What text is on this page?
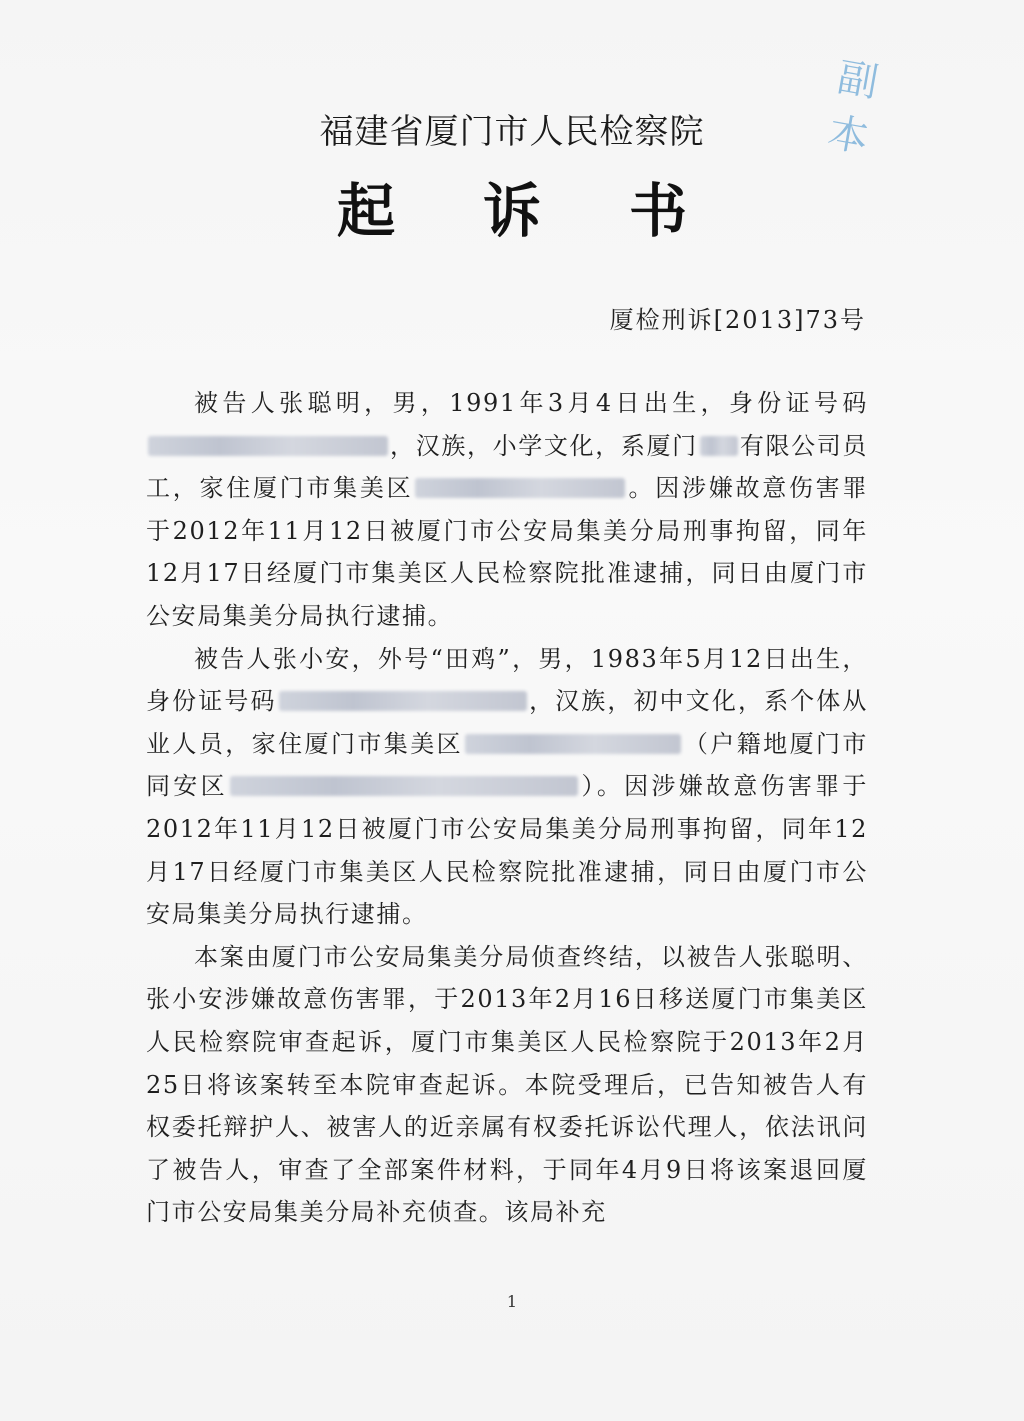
副
本
福建省厦门市人民检察院
起诉书
厦检刑诉[2013]73号

被告人张聪明，男，1991年3月4日出生，身份证号码，汉族，小学文化，系厦门 有限公司员工，家住厦门市集美区	。因涉嫌故意伤害罪于2012年11月12日被厦门市公安局集美分局刑事拘留，同年12月17日经厦门市集美区人民检察院批准逮捕，同日由厦门市公安局集美分局执行逮捕。

被告人张小安，外号“田鸡”，男，1983年5月12日出生，身份证号码	，汉族，初中文化，系个体从业人员，家住厦门市集美区	（户籍地厦门市同安区	）。因涉嫌故意伤害罪于2012年11月12日被厦门市公安局集美分局刑事拘留，同年12月17日经厦门市集美区人民检察院批准逮捕，同日由厦门市公安局集美分局执行逮捕。

本案由厦门市公安局集美分局侦查终结，以被告人张聪明、张小安涉嫌故意伤害罪，于2013年2月16日移送厦门市集美区人民检察院审查起诉，厦门市集美区人民检察院于2013年2月25日将该案转至本院审查起诉。本院受理后，已告知被告人有权委托辩护人、被害人的近亲属有权委托诉讼代理人，依法讯问了被告人，审查了全部案件材料，于同年4月9日将该案退回厦门市公安局集美分局补充侦查。该局补充

1
